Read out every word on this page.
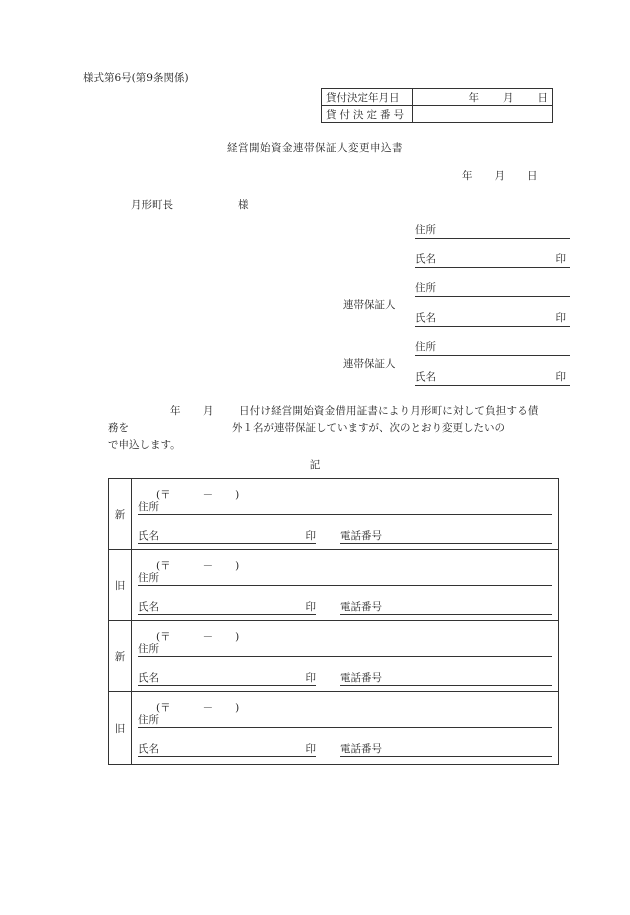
様式第6号(第9条関係)
貸付決定年月日	年 月 日

貸付決定番号	
経営開始資金連帯保証人変更申込書
年 月 日
月形町長	様
住所
氏名	印
住所
連帯保証人
氏名	印
住所
連帯保証人
氏名	印
年 月 日付け経営開始資金借用証書により月形町に対して負担する債
務を	外１名が連帯保証していますが、次のとおり変更したいの
で申込します。
記
新
(〒	－ )
住所
氏名	印 電話番号
旧
(〒	－ )
住所
氏名	印 電話番号
新
(〒	－ )
住所
氏名	印 電話番号
旧
(〒	－ )
住所
氏名	印 電話番号
